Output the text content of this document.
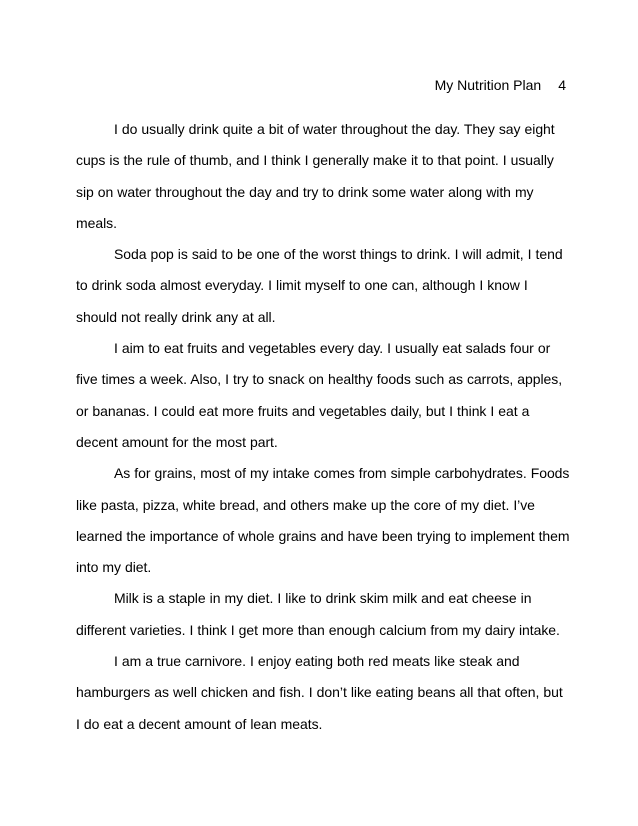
My Nutrition Plan 4

I do usually drink quite a bit of water throughout the day. They say eight cups is the rule of thumb, and I think I generally make it to that point. I usually sip on water throughout the day and try to drink some water along with my meals.

Soda pop is said to be one of the worst things to drink. I will admit, I tend to drink soda almost everyday. I limit myself to one can, although I know I should not really drink any at all.

I aim to eat fruits and vegetables every day. I usually eat salads four or five times a week. Also, I try to snack on healthy foods such as carrots, apples, or bananas. I could eat more fruits and vegetables daily, but I think I eat a decent amount for the most part.

As for grains, most of my intake comes from simple carbohydrates. Foods like pasta, pizza, white bread, and others make up the core of my diet. I’ve learned the importance of whole grains and have been trying to implement them into my diet.

Milk is a staple in my diet. I like to drink skim milk and eat cheese in different varieties. I think I get more than enough calcium from my dairy intake.

I am a true carnivore. I enjoy eating both red meats like steak and hamburgers as well chicken and fish. I don’t like eating beans all that often, but I do eat a decent amount of lean meats.
